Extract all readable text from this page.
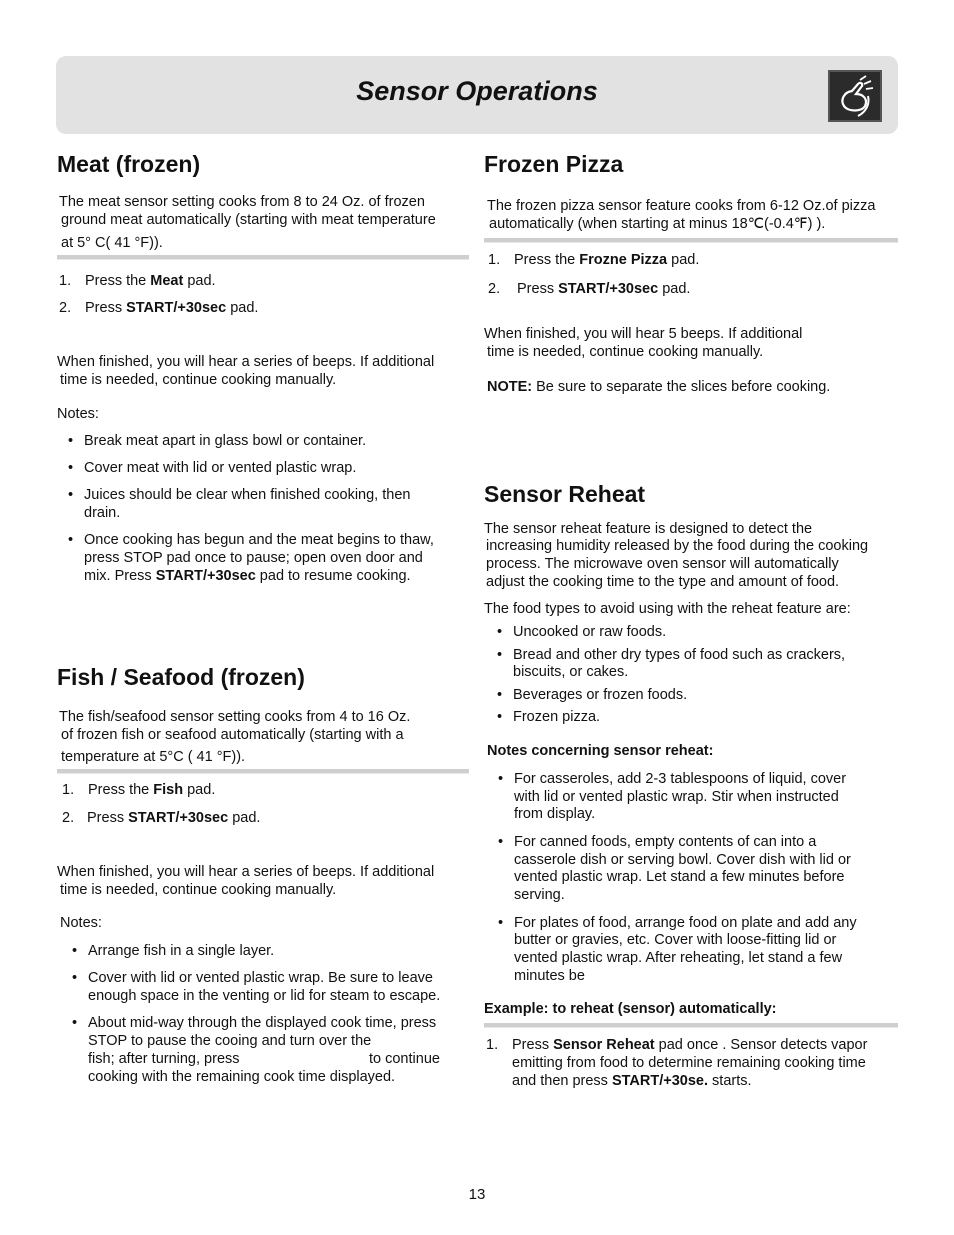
Sensor Operations
Meat (frozen)
The meat sensor setting cooks from 8 to 24 Oz. of frozen
ground meat automatically (starting with meat temperature
at 5° C( 41 °F)).
1. Press the Meat pad.
2. Press START/+30sec pad.
When finished, you will hear a series of beeps. If additional
time is needed, continue cooking manually.
Notes:
• Break meat apart in glass bowl or container.
• Cover meat with lid or vented plastic wrap.
• Juices should be clear when finished cooking, then
drain.
• Once cooking has begun and the meat begins to thaw,
press STOP pad once to pause; open oven door and
mix. Press START/+30sec pad to resume cooking.
Fish / Seafood (frozen)
The fish/seafood sensor setting cooks from 4 to 16 Oz.
of frozen fish or seafood automatically (starting with a
temperature at 5°C ( 41 °F)).
1. Press the Fish pad.
2. Press START/+30sec pad.
When finished, you will hear a series of beeps. If additional
time is needed, continue cooking manually.
Notes:
• Arrange fish in a single layer.
• Cover with lid or vented plastic wrap. Be sure to leave
enough space in the venting or lid for steam to escape.
• About mid-way through the displayed cook time, press
STOP to pause the cooing and turn over the
fish; after turning, press	to continue
cooking with the remaining cook time displayed.
Frozen Pizza
The frozen pizza sensor feature cooks from 6-12 Oz.of pizza
automatically (when starting at minus 18℃(-0.4℉) ).
1. Press the Frozne Pizza pad.
2. Press START/+30sec pad.
When finished, you will hear 5 beeps. If additional
time is needed, continue cooking manually.
NOTE: Be sure to separate the slices before cooking.
Sensor Reheat
The sensor reheat feature is designed to detect the
increasing humidity released by the food during the cooking
process. The microwave oven sensor will automatically
adjust the cooking time to the type and amount of food.
The food types to avoid using with the reheat feature are:
• Uncooked or raw foods.
• Bread and other dry types of food such as crackers,
biscuits, or cakes.
• Beverages or frozen foods.
• Frozen pizza.
Notes concerning sensor reheat:
• For casseroles, add 2-3 tablespoons of liquid, cover
with lid or vented plastic wrap. Stir when instructed
from display.
• For canned foods, empty contents of can into a
casserole dish or serving bowl. Cover dish with lid or
vented plastic wrap. Let stand a few minutes before
serving.
• For plates of food, arrange food on plate and add any
butter or gravies, etc. Cover with loose-fitting lid or
vented plastic wrap. After reheating, let stand a few
minutes be
Example: to reheat (sensor) automatically:
1. Press Sensor Reheat pad once . Sensor detects vapor
emitting from food to determine remaining cooking time
and then press START/+30se. starts.
13
